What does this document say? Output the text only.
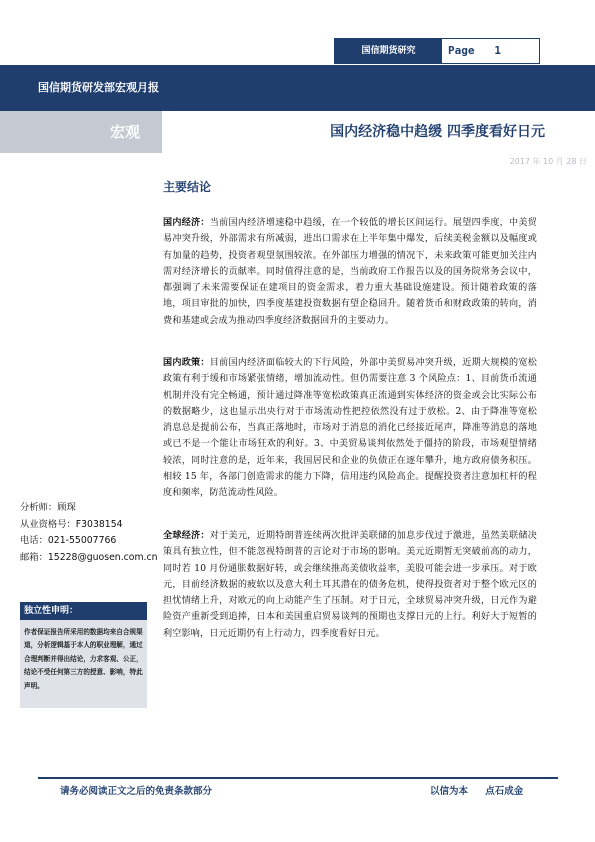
国信期货研究	Page 1
国信期货研发部宏观月报
宏观	国内经济稳中趋缓 四季度看好日元
2017 年 10 月 28 日
主要结论
国内经济：当前国内经济增速稳中趋缓，在一个较低的增长区间运行。展望四季度，中美贸易冲突升级，外部需求有所减弱，进出口需求在上半年集中爆发，后续美税金额以及幅度或有加量的趋势，投资者观望氛围较浓。在外部压力增强的情况下，未来政策可能更加关注内需对经济增长的贡献率。同时值得注意的是，当前政府工作报告以及的国务院常务会议中，都强调了未来需要保证在建项目的资金需求，着力重大基础设施建设。预计随着政策的落地，项目审批的加快，四季度基建投资数据有望企稳回升。随着货币和财政政策的转向，消费和基建或会成为推动四季度经济数据回升的主要动力。
国内政策：目前国内经济面临较大的下行风险，外部中美贸易冲突升级，近期大规模的宽松政策有利于缓和市场紧张情绪，增加流动性。但仍需要注意 3 个风险点：1、目前货币流通机制并没有完全畅通，预计通过降准等宽松政策真正流通到实体经济的资金或会比实际公布的数据略少，这也显示出央行对于市场流动性把控依然没有过于放松。2、由于降准等宽松消息总是提前公布，当真正落地时，市场对于消息的消化已经接近尾声，降准等消息的落地或已不是一个能让市场狂欢的利好。3、中美贸易谈判依然处于僵持的阶段，市场观望情绪较浓，同时注意的是，近年来，我国居民和企业的负债正在逐年攀升，地方政府债务积压。相较 15 年，各部门创造需求的能力下降，信用违约风险高企。提醒投资者注意加杠杆的程度和频率，防范流动性风险。
全球经济：对于美元，近期特朗普连续两次批评美联储的加息步伐过于激进，虽然美联储决策具有独立性，但不能忽视特朗普的言论对于市场的影响。美元近期暂无突破前高的动力，同时若 10 月份通胀数据好转，或会继续推高美债收益率，美股可能会进一步承压。对于欧元，目前经济数据的疲软以及意大利土耳其潜在的债务危机，使得投资者对于整个欧元区的担忧情绪上升，对欧元的向上动能产生了压制。对于日元，全球贸易冲突升级，日元作为避险资产重新受到追捧，日本和美国重启贸易谈判的预期也支撑日元的上行。利好大于短暂的利空影响，日元近期仍有上行动力，四季度看好日元。
分析师：顾琛
从业资格号：F3038154
电话：021-55007766
邮箱：15228@guosen.com.cn
独立性申明：
作者保证报告所采用的数据均来自合规渠道，分析逻辑基于本人的职业理解，通过合理判断并得出结论，力求客观、公正，结论不受任何第三方的授意、影响，特此声明。
请务必阅读正文之后的免责条款部分	以信为本 点石成金
